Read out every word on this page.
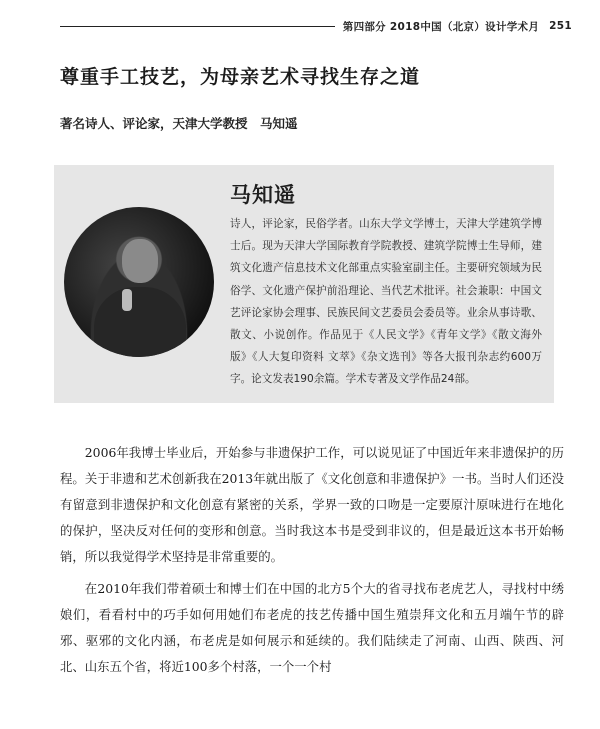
第四部分 2018中国（北京）设计学术月 251
尊重手工技艺，为母亲艺术寻找生存之道

著名诗人、评论家，天津大学教授　马知遥

马知遥

诗人，评论家，民俗学者。山东大学文学博士，天津大学建筑学博士后。现为天津大学国际教育学院教授、建筑学院博士生导师，建筑文化遗产信息技术文化部重点实验室副主任。主要研究领域为民俗学、文化遗产保护前沿理论、当代艺术批评。社会兼职：中国文艺评论家协会理事、民族民间文艺委员会委员等。业余从事诗歌、散文、小说创作。作品见于《人民文学》《青年文学》《散文海外版》《人大复印资料 文萃》《杂文选刊》等各大报刊杂志约600万字。论文发表190余篇。学术专著及文学作品24部。

2006年我博士毕业后，开始参与非遗保护工作，可以说见证了中国近年来非遗保护的历程。关于非遗和艺术创新我在2013年就出版了《文化创意和非遗保护》一书。当时人们还没有留意到非遗保护和文化创意有紧密的关系，学界一致的口吻是一定要原汁原味进行在地化的保护，坚决反对任何的变形和创意。当时我这本书是受到非议的，但是最近这本书开始畅销，所以我觉得学术坚持是非常重要的。

在2010年我们带着硕士和博士们在中国的北方5个大的省寻找布老虎艺人，寻找村中绣娘们，看看村中的巧手如何用她们布老虎的技艺传播中国生殖崇拜文化和五月端午节的辟邪、驱邪的文化内涵，布老虎是如何展示和延续的。我们陆续走了河南、山西、陕西、河北、山东五个省，将近100多个村落，一个一个村
